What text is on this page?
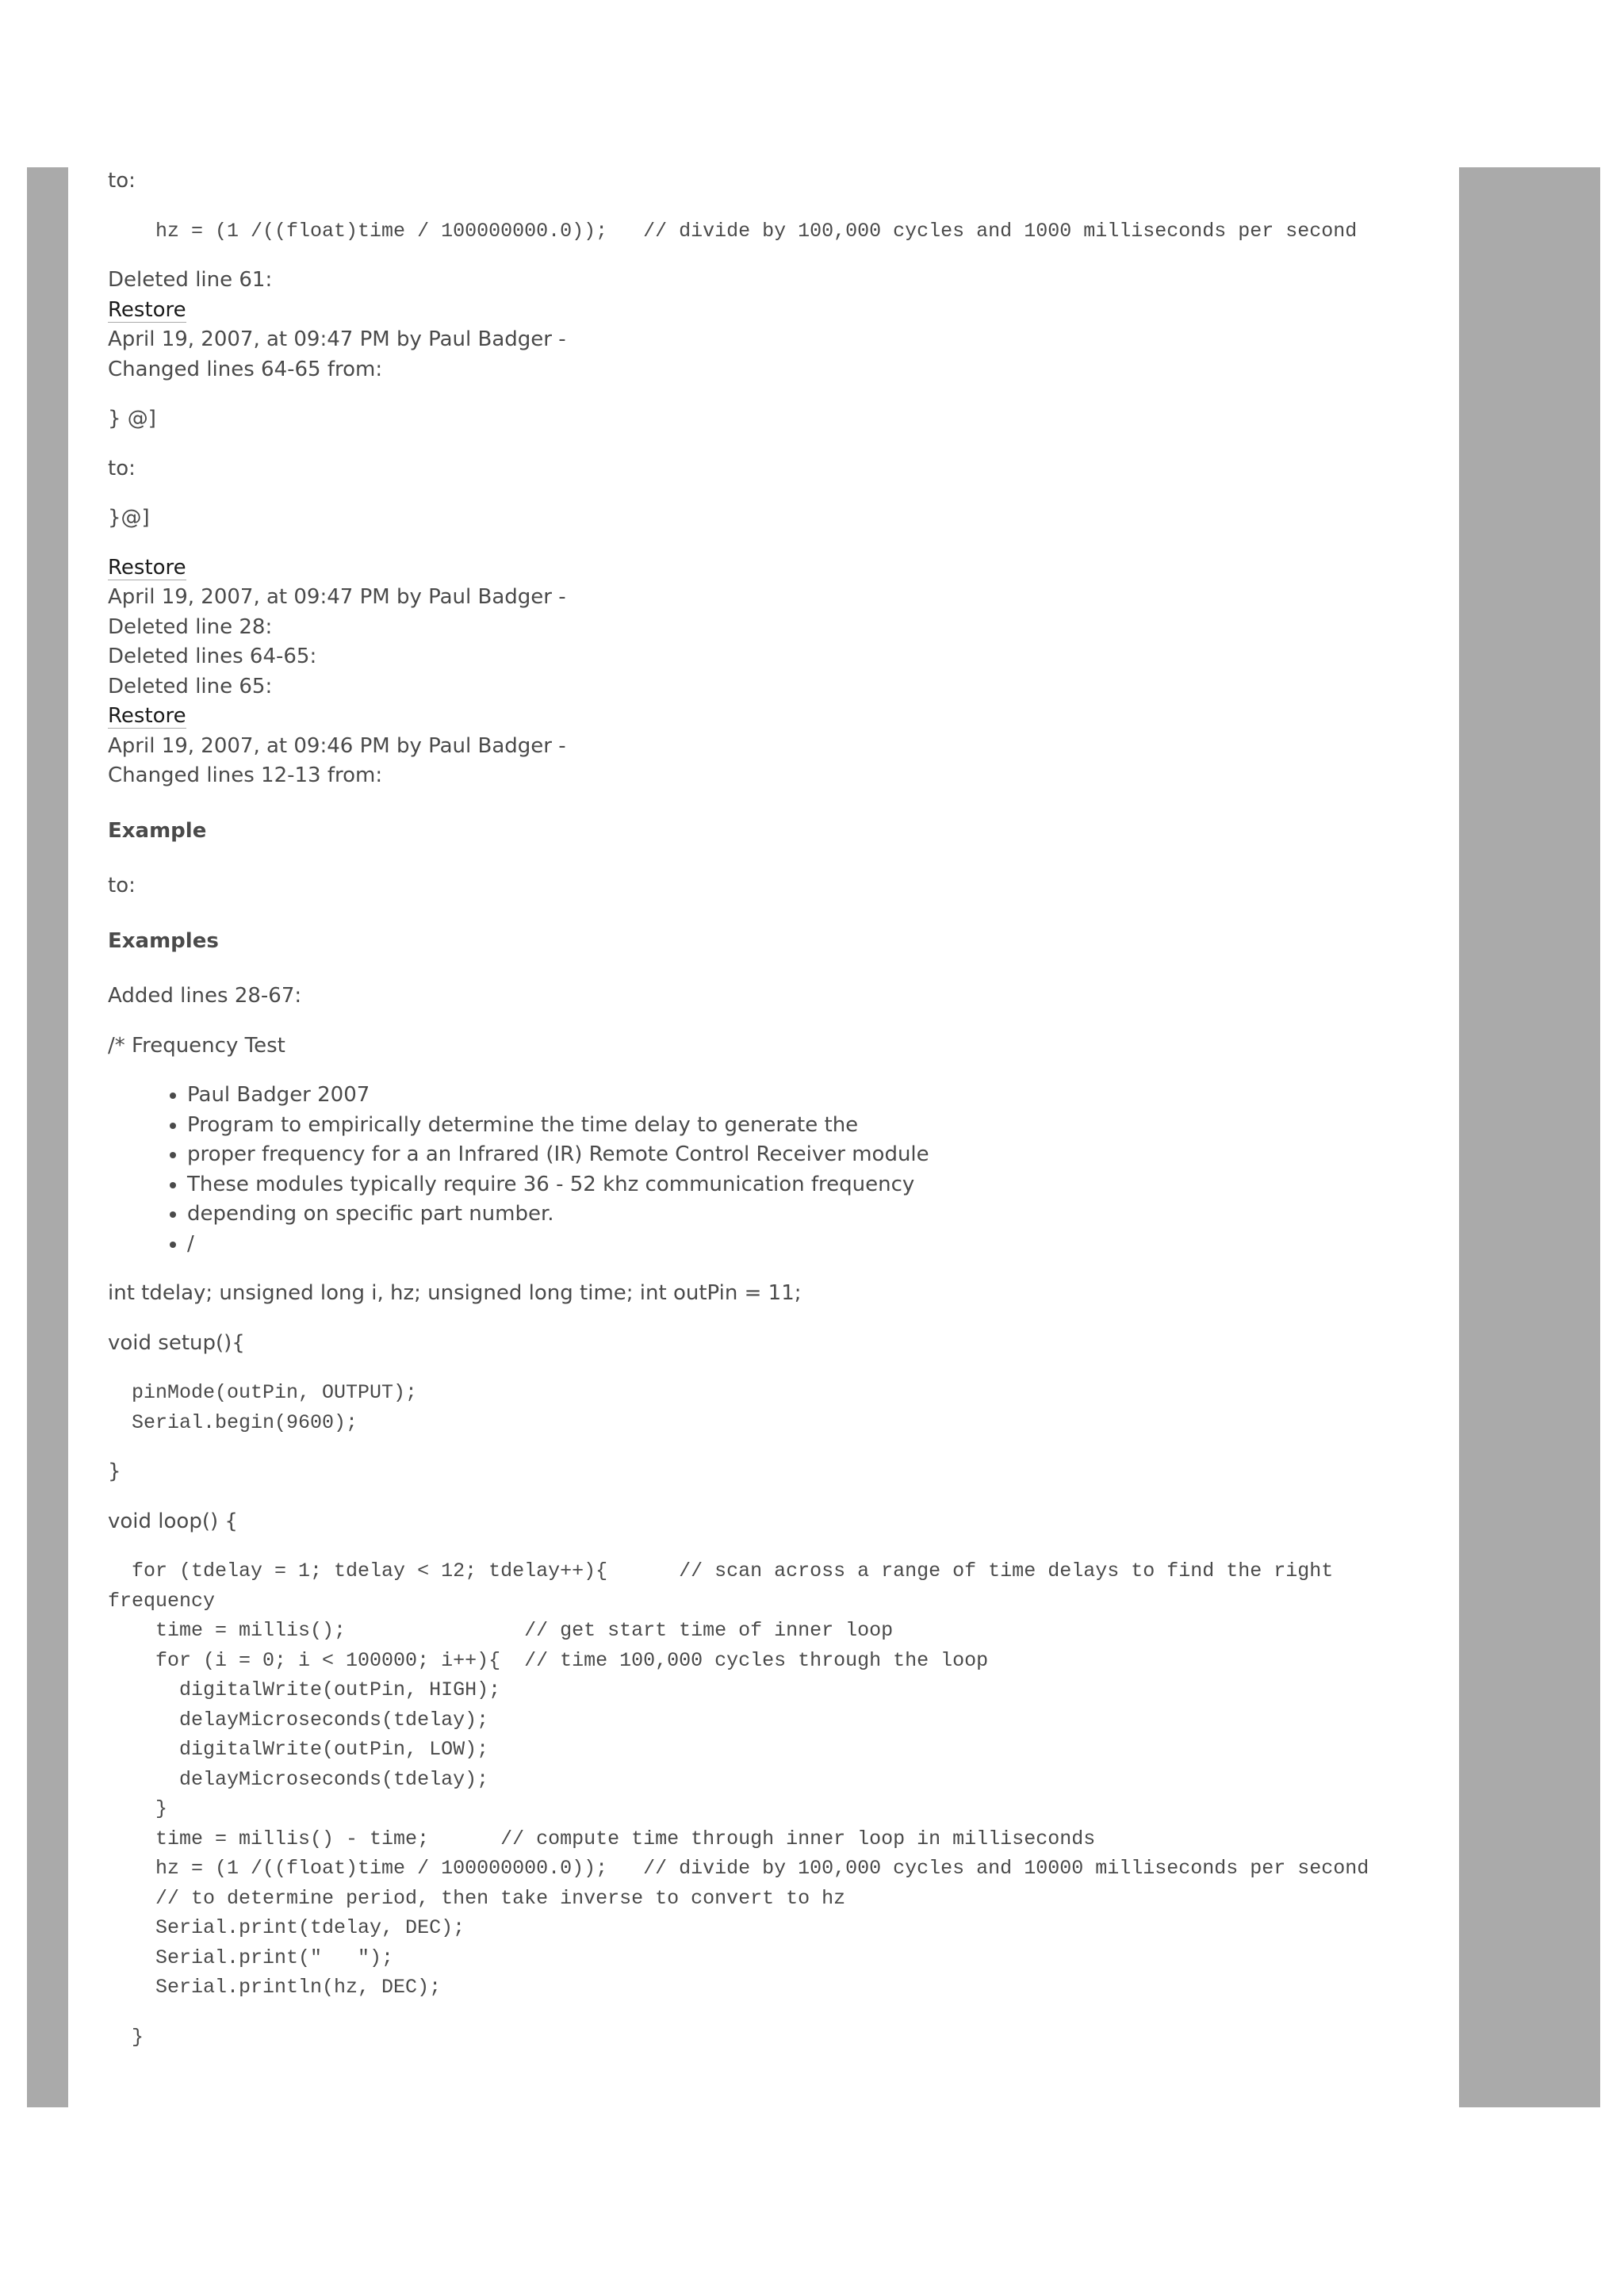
to:

hz = (1 /((float)time / 100000000.0));   // divide by 100,000 cycles and 1000 milliseconds per second

Deleted line 61:

Restore

April 19, 2007, at 09:47 PM by Paul Badger -

Changed lines 64-65 from:

} @]

to:

}@]

Restore

April 19, 2007, at 09:47 PM by Paul Badger -

Deleted line 28:

Deleted lines 64-65:

Deleted line 65:

Restore

April 19, 2007, at 09:46 PM by Paul Badger -

Changed lines 12-13 from:

Example

to:

Examples

Added lines 28-67:

/* Frequency Test

• Paul Badger 2007
• Program to empirically determine the time delay to generate the
• proper frequency for a an Infrared (IR) Remote Control Receiver module
• These modules typically require 36 - 52 khz communication frequency
• depending on specific part number.
• /

int tdelay; unsigned long i, hz; unsigned long time; int outPin = 11;

void setup(){

pinMode(outPin, OUTPUT);
Serial.begin(9600);

}

void loop() {

for (tdelay = 1; tdelay < 12; tdelay++){      // scan across a range of time delays to find the right
frequency
time = millis();               // get start time of inner loop
for (i = 0; i < 100000; i++){  // time 100,000 cycles through the loop
digitalWrite(outPin, HIGH);
delayMicroseconds(tdelay);
digitalWrite(outPin, LOW);
delayMicroseconds(tdelay);
}
time = millis() - time;      // compute time through inner loop in milliseconds
hz = (1 /((float)time / 100000000.0));   // divide by 100,000 cycles and 10000 milliseconds per second
// to determine period, then take inverse to convert to hz
Serial.print(tdelay, DEC);
Serial.print("   ");
Serial.println(hz, DEC);
}
